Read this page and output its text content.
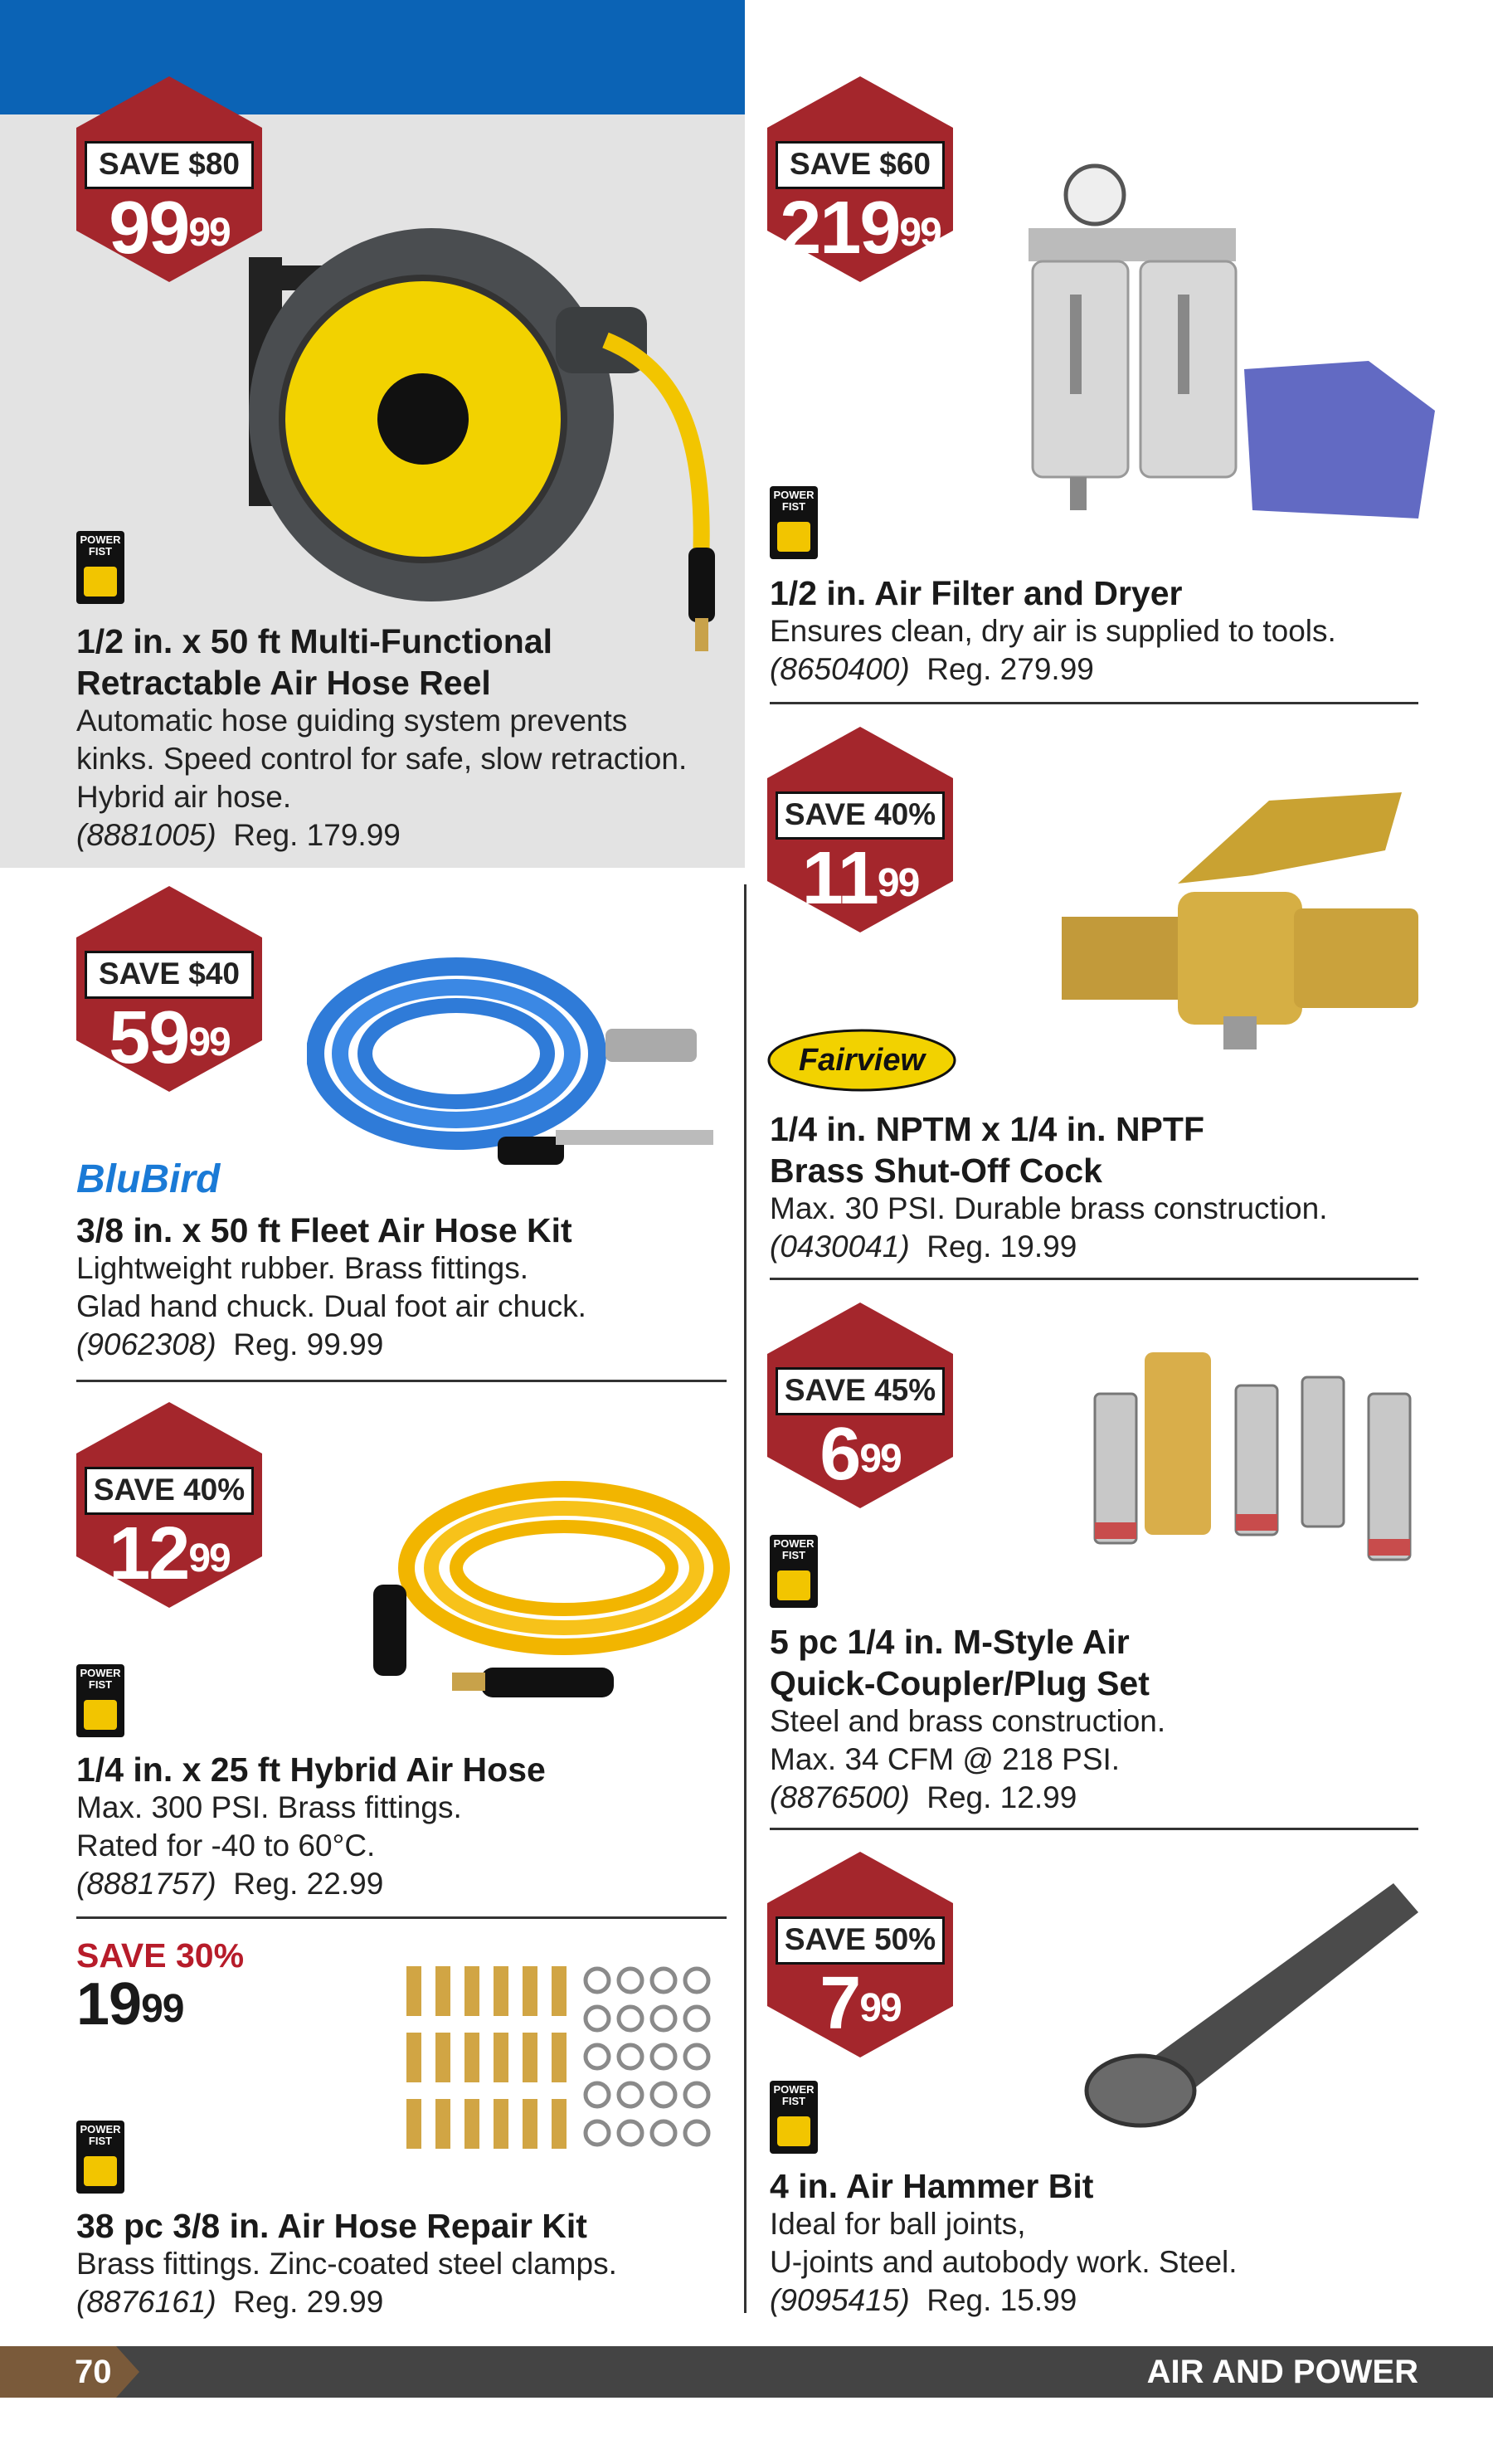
SAVE $80
$99^{99}$
POWER FIST
1/2 in. x 50 ft Multi-Functional
Retractable Air Hose Reel
Automatic hose guiding system prevents
kinks. Speed control for safe, slow retraction.
Hybrid air hose.
(8881005) Reg. 179.99
SAVE $60
$219^{99}$
POWER FIST
1/2 in. Air Filter and Dryer
Ensures clean, dry air is supplied to tools.
(8650400) Reg. 279.99
SAVE 40%
$11^{99}$
Fairview
1/4 in. NPTM x 1/4 in. NPTF
Brass Shut-Off Cock
Max. 30 PSI. Durable brass construction.
(0430041) Reg. 19.99
SAVE $40
$59^{99}$
BluBird
3/8 in. x 50 ft Fleet Air Hose Kit
Lightweight rubber. Brass fittings.
Glad hand chuck. Dual foot air chuck.
(9062308) Reg. 99.99
SAVE 45%
$6^{99}$
POWER FIST
5 pc 1/4 in. M-Style Air
Quick-Coupler/Plug Set
Steel and brass construction.
Max. 34 CFM @ 218 PSI.
(8876500) Reg. 12.99
SAVE 40%
$12^{99}$
POWER FIST
1/4 in. x 25 ft Hybrid Air Hose
Max. 300 PSI. Brass fittings.
Rated for -40 to 60°C.
(8881757) Reg. 22.99
SAVE 30%
$19^{99}$
POWER FIST
38 pc 3/8 in. Air Hose Repair Kit
Brass fittings. Zinc-coated steel clamps.
(8876161) Reg. 29.99
SAVE 50%
$7^{99}$
POWER FIST
4 in. Air Hammer Bit
Ideal for ball joints,
U-joints and autobody work. Steel.
(9095415) Reg. 15.99
70	AIR AND POWER
